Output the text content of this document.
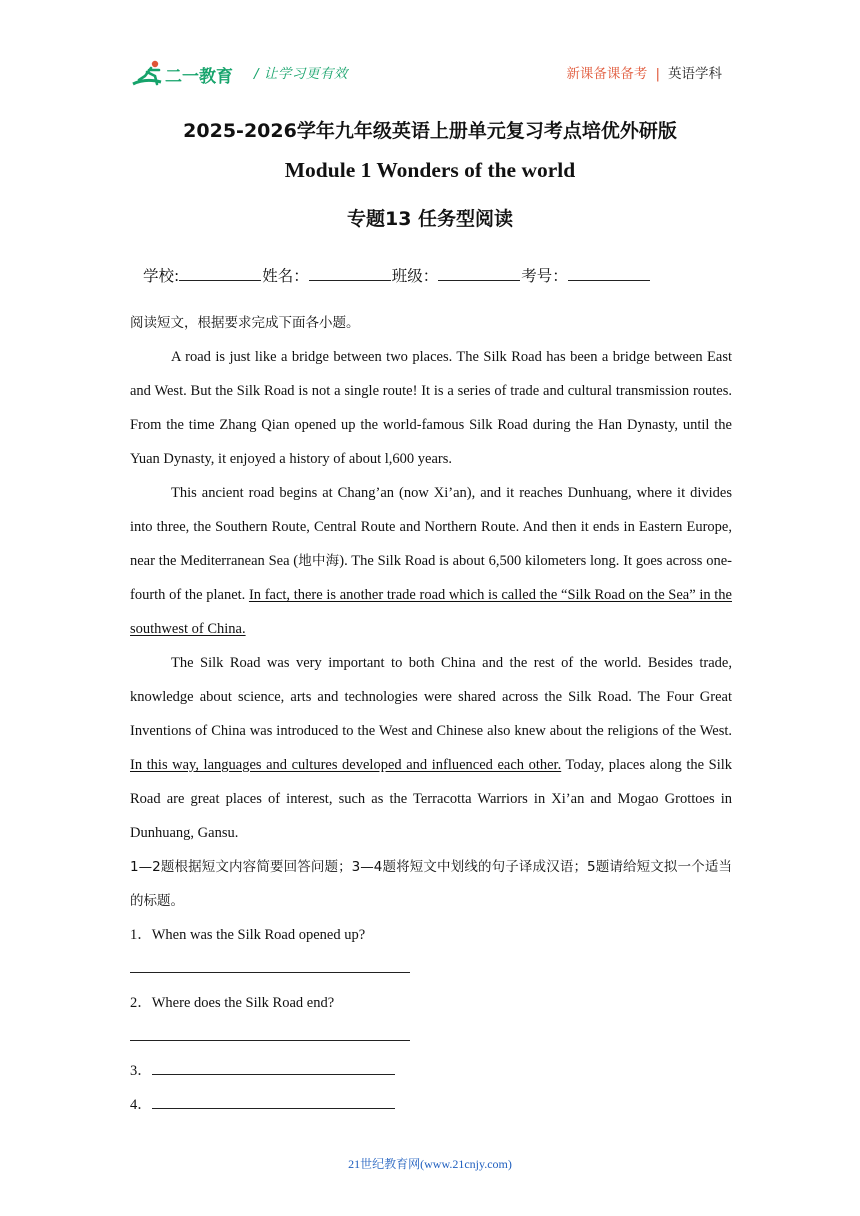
二一教育 / 让学习更有效	新课备课备考 | 英语学科
2025-2026学年九年级英语上册单元复习考点培优外研版
Module 1 Wonders of the world
专题13 任务型阅读
学校:	姓名：	班级：	考号：

阅读短文，根据要求完成下面各小题。

A road is just like a bridge between two places. The Silk Road has been a bridge between East and West. But the Silk Road is not a single route! It is a series of trade and cultural transmission routes. From the time Zhang Qian opened up the world-famous Silk Road during the Han Dynasty, until the Yuan Dynasty, it enjoyed a history of about l,600 years.

This ancient road begins at Chang’an (now Xi’an), and it reaches Dunhuang, where it divides into three, the Southern Route, Central Route and Northern Route. And then it ends in Eastern Europe, near the Mediterranean Sea (地中海). The Silk Road is about 6,500 kilometers long. It goes across one-fourth of the planet. In fact, there is another trade road which is called the “Silk Road on the Sea” in the southwest of China.

The Silk Road was very important to both China and the rest of the world. Besides trade, knowledge about science, arts and technologies were shared across the Silk Road. The Four Great Inventions of China was introduced to the West and Chinese also knew about the religions of the West. In this way, languages and cultures developed and influenced each other. Today, places along the Silk Road are great places of interest, such as the Terracotta Warriors in Xi’an and Mogao Grottoes in Dunhuang, Gansu.

1—2题根据短文内容简要回答问题；3—4题将短文中划线的句子译成汉语；5题请给短文拟一个适当的标题。

1．When was the Silk Road opened up?

2．Where does the Silk Road end?

3．

4．

21世纪教育网(www.21cnjy.com)
